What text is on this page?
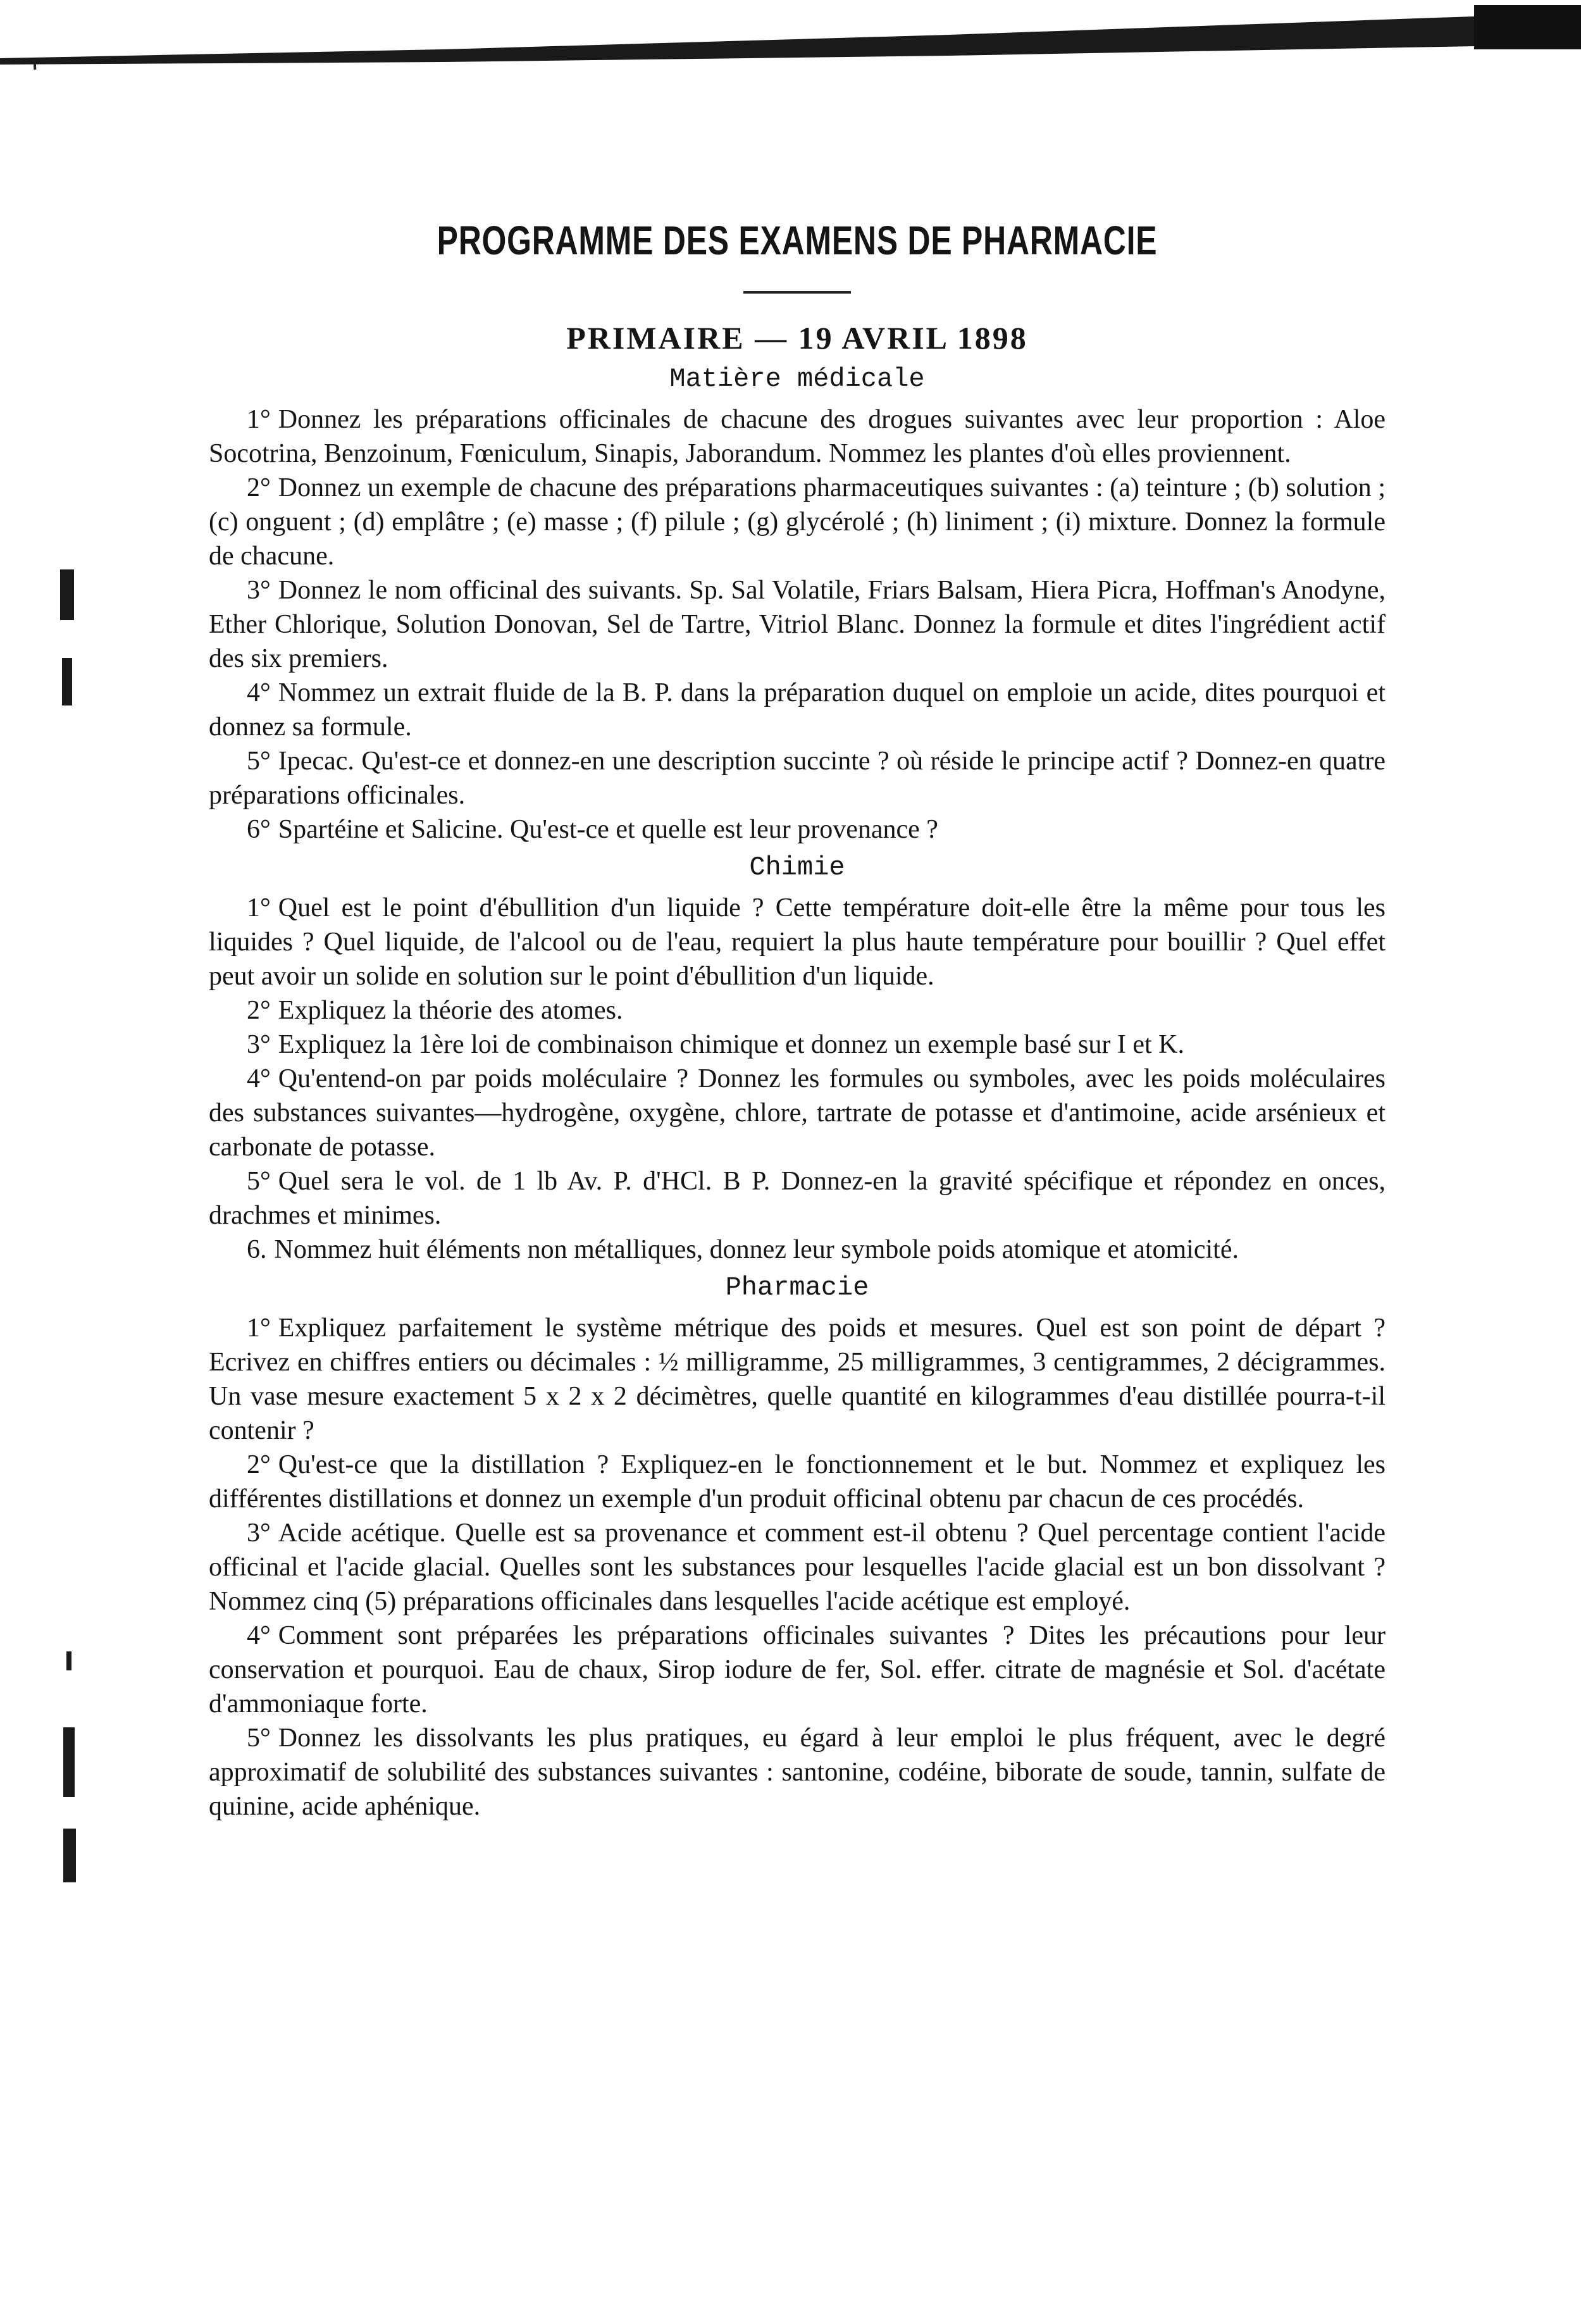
PROGRAMME DES EXAMENS DE PHARMACIE
PRIMAIRE — 19 AVRIL 1898
Matière médicale

1° Donnez les préparations officinales de chacune des drogues suivantes avec leur proportion : Aloe Socotrina, Benzoinum, Fœniculum, Sinapis, Jaborandum. Nommez les plantes d'où elles proviennent.

2° Donnez un exemple de chacune des préparations pharmaceutiques suivantes : (a) teinture ; (b) solution ; (c) onguent ; (d) emplâtre ; (e) masse ; (f) pilule ; (g) glycérolé ; (h) liniment ; (i) mixture. Donnez la formule de chacune.

3° Donnez le nom officinal des suivants. Sp. Sal Volatile, Friars Balsam, Hiera Picra, Hoffman's Anodyne, Ether Chlorique, Solution Donovan, Sel de Tartre, Vitriol Blanc. Donnez la formule et dites l'ingrédient actif des six premiers.

4° Nommez un extrait fluide de la B. P. dans la préparation duquel on emploie un acide, dites pourquoi et donnez sa formule.

5° Ipecac. Qu'est-ce et donnez-en une description succinte ? où réside le principe actif ? Donnez-en quatre préparations officinales.

6° Spartéine et Salicine. Qu'est-ce et quelle est leur provenance ?

Chimie

1° Quel est le point d'ébullition d'un liquide ? Cette température doit-elle être la même pour tous les liquides ? Quel liquide, de l'alcool ou de l'eau, requiert la plus haute température pour bouillir ? Quel effet peut avoir un solide en solution sur le point d'ébullition d'un liquide.

2° Expliquez la théorie des atomes.

3° Expliquez la 1ère loi de combinaison chimique et donnez un exemple basé sur I et K.

4° Qu'entend-on par poids moléculaire ? Donnez les formules ou symboles, avec les poids moléculaires des substances suivantes—hydrogène, oxygène, chlore, tartrate de potasse et d'antimoine, acide arsénieux et carbonate de potasse.

5° Quel sera le vol. de 1 lb Av. P. d'HCl. B P. Donnez-en la gravité spécifique et répondez en onces, drachmes et minimes.

6. Nommez huit éléments non métalliques, donnez leur symbole poids atomique et atomicité.

Pharmacie

1° Expliquez parfaitement le système métrique des poids et mesures. Quel est son point de départ ? Ecrivez en chiffres entiers ou décimales : ½ milligramme, 25 milligrammes, 3 centigrammes, 2 décigrammes. Un vase mesure exactement 5 x 2 x 2 décimètres, quelle quantité en kilogrammes d'eau distillée pourra-t-il contenir ?

2° Qu'est-ce que la distillation ? Expliquez-en le fonctionnement et le but. Nommez et expliquez les différentes distillations et donnez un exemple d'un produit officinal obtenu par chacun de ces procédés.

3° Acide acétique. Quelle est sa provenance et comment est-il obtenu ? Quel percentage contient l'acide officinal et l'acide glacial. Quelles sont les substances pour lesquelles l'acide glacial est un bon dissolvant ? Nommez cinq (5) préparations officinales dans lesquelles l'acide acétique est employé.

4° Comment sont préparées les préparations officinales suivantes ? Dites les précautions pour leur conservation et pourquoi. Eau de chaux, Sirop iodure de fer, Sol. effer. citrate de magnésie et Sol. d'acétate d'ammoniaque forte.

5° Donnez les dissolvants les plus pratiques, eu égard à leur emploi le plus fréquent, avec le degré approximatif de solubilité des substances suivantes : santonine, codéine, biborate de soude, tannin, sulfate de quinine, acide aphénique.
